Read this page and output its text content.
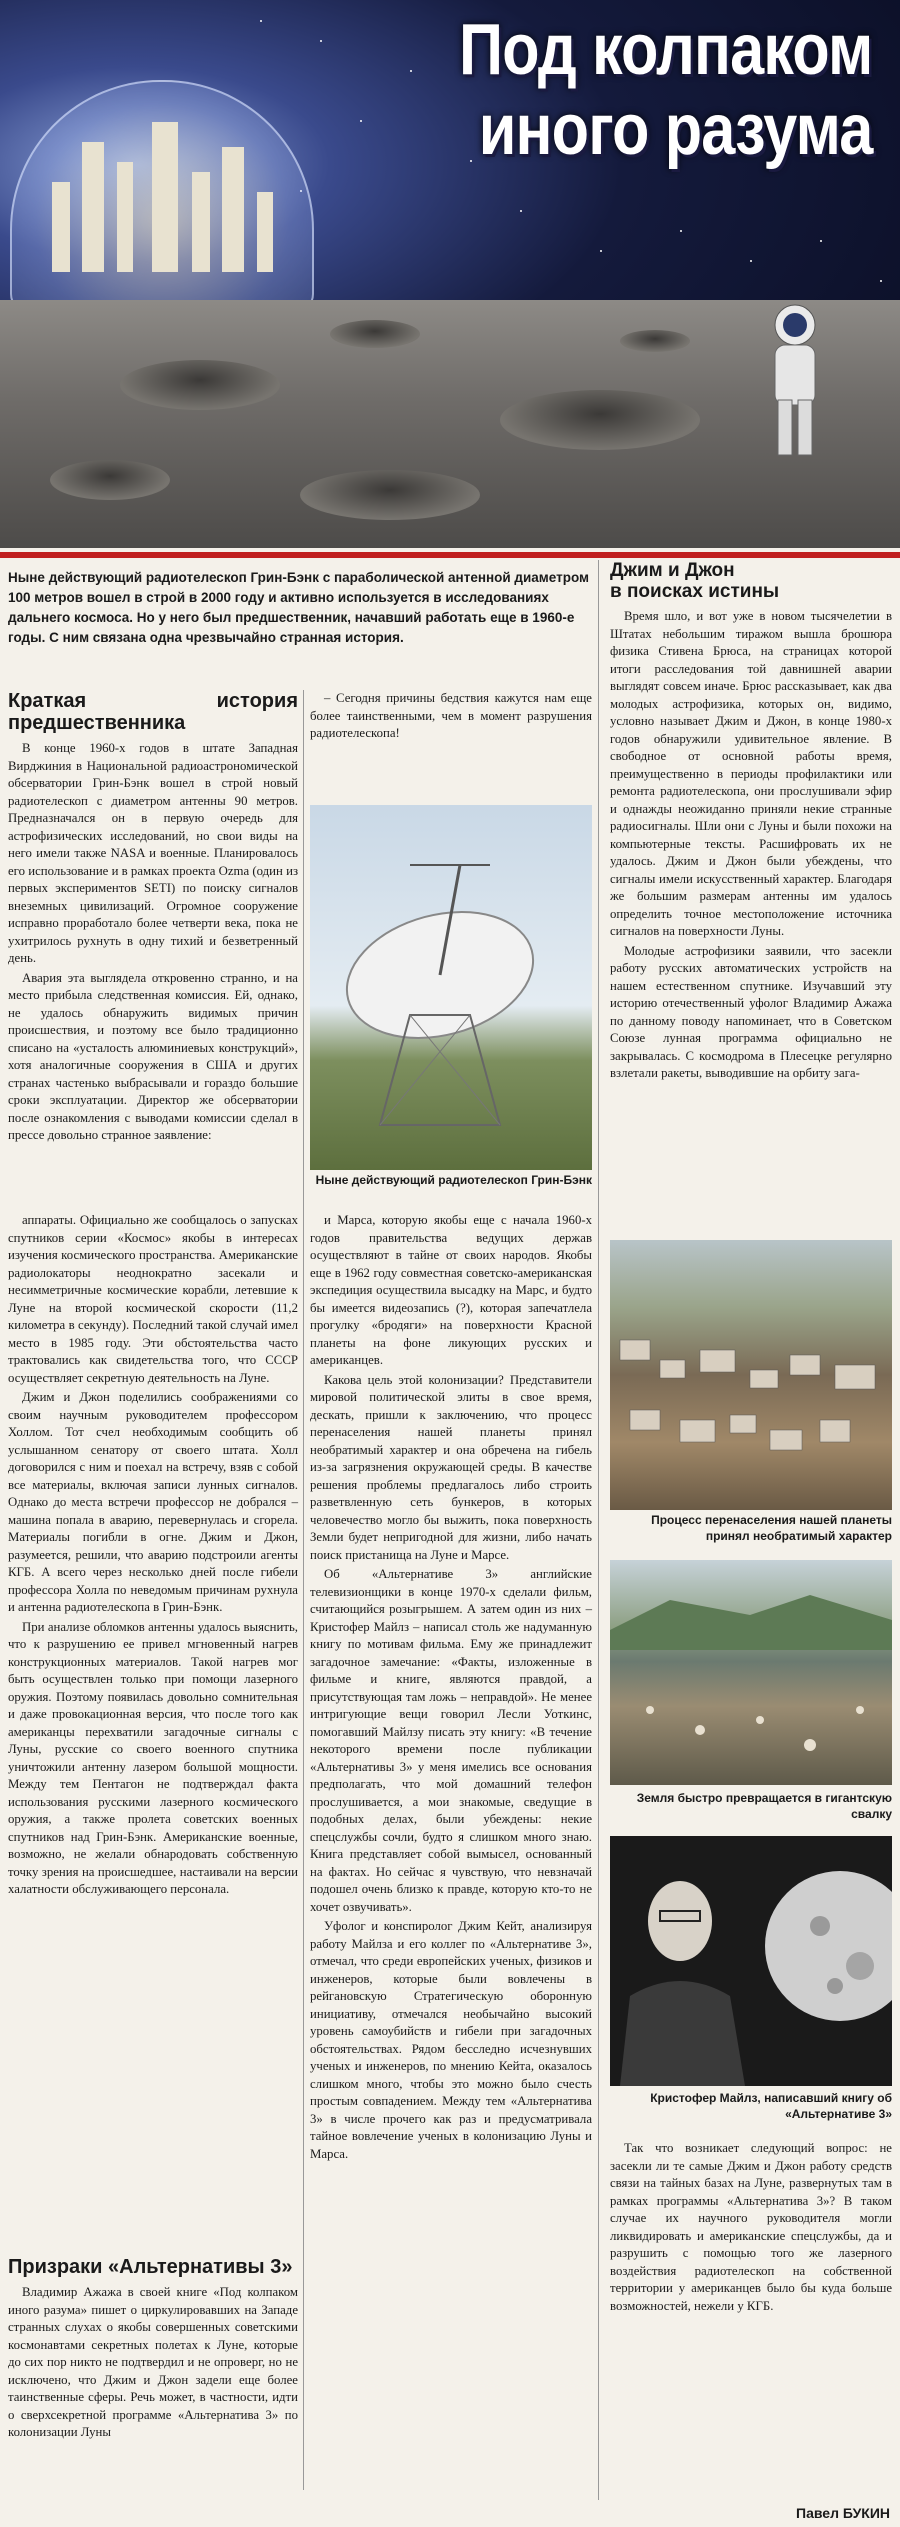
Под колпаком
иного разума
Ныне действующий радиотелескоп Грин-Бэнк с параболической антенной диаметром 100 метров вошел в строй в 2000 году и активно используется в исследованиях дальнего космоса. Но у него был предшественник, начавший работать еще в 1960-е годы. С ним связана одна чрезвычайно странная история.
Краткая история предшественника

В конце 1960-х годов в штате Западная Вирджиния в Национальной радиоастрономической обсерватории Грин-Бэнк вошел в строй новый радиотелескоп с диаметром антенны 90 метров. Предназначался он в первую очередь для астрофизических исследований, но свои виды на него имели также NASA и военные. Планировалось его использование и в рамках проекта Ozma (один из первых экспериментов SETI) по поиску сигналов внеземных цивилизаций. Огромное сооружение исправно проработало более четверти века, пока не ухитрилось рухнуть в одну тихий и безветренный день.

Авария эта выглядела откровенно странно, и на место прибыла следственная комиссия. Ей, однако, не удалось обнаружить видимых причин происшествия, и поэтому все было традиционно списано на «усталость алюминиевых конструкций», хотя аналогичные сооружения в США и других странах частенько выбрасывали и гораздо большие сроки эксплуатации. Директор же обсерватории после ознакомления с выводами комиссии сделал в прессе довольно странное заявление:

– Сегодня причины бедствия кажутся нам еще более таинственными, чем в момент разрушения радиотелескопа!

Ныне действующий радиотелескоп Грин-Бэнк

аппараты. Официально же сообщалось о запусках спутников серии «Космос» якобы в интересах изучения космического пространства. Американские радиолокаторы неоднократно засекали и несимметричные космические корабли, летевшие к Луне на второй космической скорости (11,2 километра в секунду). Последний такой случай имел место в 1985 году. Эти обстоятельства часто трактовались как свидетельства того, что СССР осуществляет секретную деятельность на Луне.

Джим и Джон поделились соображениями со своим научным руководителем профессором Холлом. Тот счел необходимым сообщить об услышанном сенатору от своего штата. Холл договорился с ним и поехал на встречу, взяв с собой все материалы, включая записи лунных сигналов. Однако до места встречи профессор не добрался – машина попала в аварию, перевернулась и сгорела. Материалы погибли в огне. Джим и Джон, разумеется, решили, что аварию подстроили агенты КГБ. А всего через несколько дней после гибели профессора Холла по неведомым причинам рухнула и антенна радиотелескопа в Грин-Бэнк.

При анализе обломков антенны удалось выяснить, что к разрушению ее привел мгновенный нагрев конструкционных материалов. Такой нагрев мог быть осуществлен только при помощи лазерного оружия. Поэтому появилась довольно сомнительная и даже провокационная версия, что после того как американцы перехватили загадочные сигналы с Луны, русские со своего военного спутника уничтожили антенну лазером большой мощности. Между тем Пентагон не подтверждал факта использования русскими лазерного космического оружия, а также пролета советских военных спутников над Грин-Бэнк. Американские военные, возможно, не желали обнародовать собственную точку зрения на происшедшее, настаивали на версии халатности обслуживающего персонала.

Призраки «Альтернативы 3»

Владимир Ажажа в своей книге «Под колпаком иного разума» пишет о циркулировавших на Западе странных слухах о якобы совершенных советскими космонавтами секретных полетах к Луне, которые до сих пор никто не подтвердил и не опроверг, но не исключено, что Джим и Джон задели еще более таинственные сферы. Речь может, в частности, идти о сверхсекретной программе «Альтернатива 3» по колонизации Луны

и Марса, которую якобы еще с начала 1960-х годов правительства ведущих держав осуществляют в тайне от своих народов. Якобы еще в 1962 году совместная советско-американская экспедиция осуществила высадку на Марс, и будто бы имеется видеозапись (?), которая запечатлела прогулку «бродяги» на поверхности Красной планеты на фоне ликующих русских и американцев.

Какова цель этой колонизации? Представители мировой политической элиты в свое время, дескать, пришли к заключению, что процесс перенаселения нашей планеты принял необратимый характер и она обречена на гибель из-за загрязнения окружающей среды. В качестве решения проблемы предлагалось либо строить разветвленную сеть бункеров, в которых человечество могло бы выжить, пока поверхность Земли будет непригодной для жизни, либо начать поиск пристанища на Луне и Марсе.

Об «Альтернативе 3» английские телевизионщики в конце 1970-х сделали фильм, считающийся розыгрышем. А затем один из них – Кристофер Майлз – написал столь же надуманную книгу по мотивам фильма. Ему же принадлежит загадочное замечание: «Факты, изложенные в фильме и книге, являются правдой, а присутствующая там ложь – неправдой». Не менее интригующие вещи говорил Лесли Уоткинс, помогавший Майлзу писать эту книгу: «В течение некоторого времени после публикации «Альтернативы 3» у меня имелись все основания предполагать, что мой домашний телефон прослушивается, а мои знакомые, сведущие в подобных делах, были убеждены: некие спецслужбы сочли, будто я слишком много знаю. Книга представляет собой вымысел, основанный на фактах. Но сейчас я чувствую, что невзначай подошел очень близко к правде, которую кто-то не хочет озвучивать».

Уфолог и конспиролог Джим Кейт, анализируя работу Майлза и его коллег по «Альтернативе 3», отмечал, что среди европейских ученых, физиков и инженеров, которые были вовлечены в рейгановскую Стратегическую оборонную инициативу, отмечался необычайно высокий уровень самоубийств и гибели при загадочных обстоятельствах. Рядом бесследно исчезнувших ученых и инженеров, по мнению Кейта, оказалось слишком много, чтобы это можно было счесть простым совпадением. Между тем «Альтернатива 3» в числе прочего как раз и предусматривала тайное вовлечение ученых в колонизацию Луны и Марса.

Джим и Джон
в поисках истины

Время шло, и вот уже в новом тысячелетии в Штатах небольшим тиражом вышла брошюра физика Стивена Брюса, на страницах которой итоги расследования той давнишней аварии выглядят совсем иначе. Брюс рассказывает, как два молодых астрофизика, которых он, видимо, условно называет Джим и Джон, в конце 1980-х годов обнаружили удивительное явление. В свободное от основной работы время, преимущественно в периоды профилактики или ремонта радиотелескопа, они прослушивали эфир и однажды неожиданно приняли некие странные радиосигналы. Шли они с Луны и были похожи на компьютерные тексты. Расшифровать их не удалось. Джим и Джон были убеждены, что сигналы имели искусственный характер. Благодаря же большим размерам антенны им удалось определить точное местоположение источника сигналов на поверхности Луны.

Молодые астрофизики заявили, что засекли работу русских автоматических устройств на нашем естественном спутнике. Изучавший эту историю отечественный уфолог Владимир Ажажа по данному поводу напоминает, что в Советском Союзе лунная программа официально не закрывалась. С космодрома в Плесецке регулярно взлетали ракеты, выводившие на орбиту зага-

Процесс перенаселения нашей планеты принял необратимый характер
Земля быстро превращается в гигантскую свалку
Кристофер Майлз, написавший книгу об «Альтернативе 3»

Так что возникает следующий вопрос: не засекли ли те самые Джим и Джон работу средств связи на тайных базах на Луне, развернутых там в рамках программы «Альтернатива 3»? В таком случае их научного руководителя могли ликвидировать и американские спецслужбы, да и разрушить с помощью того же лазерного воздействия радиотелескоп на собственной территории у американцев было бы куда больше возможностей, нежели у КГБ.

Павел БУКИН
